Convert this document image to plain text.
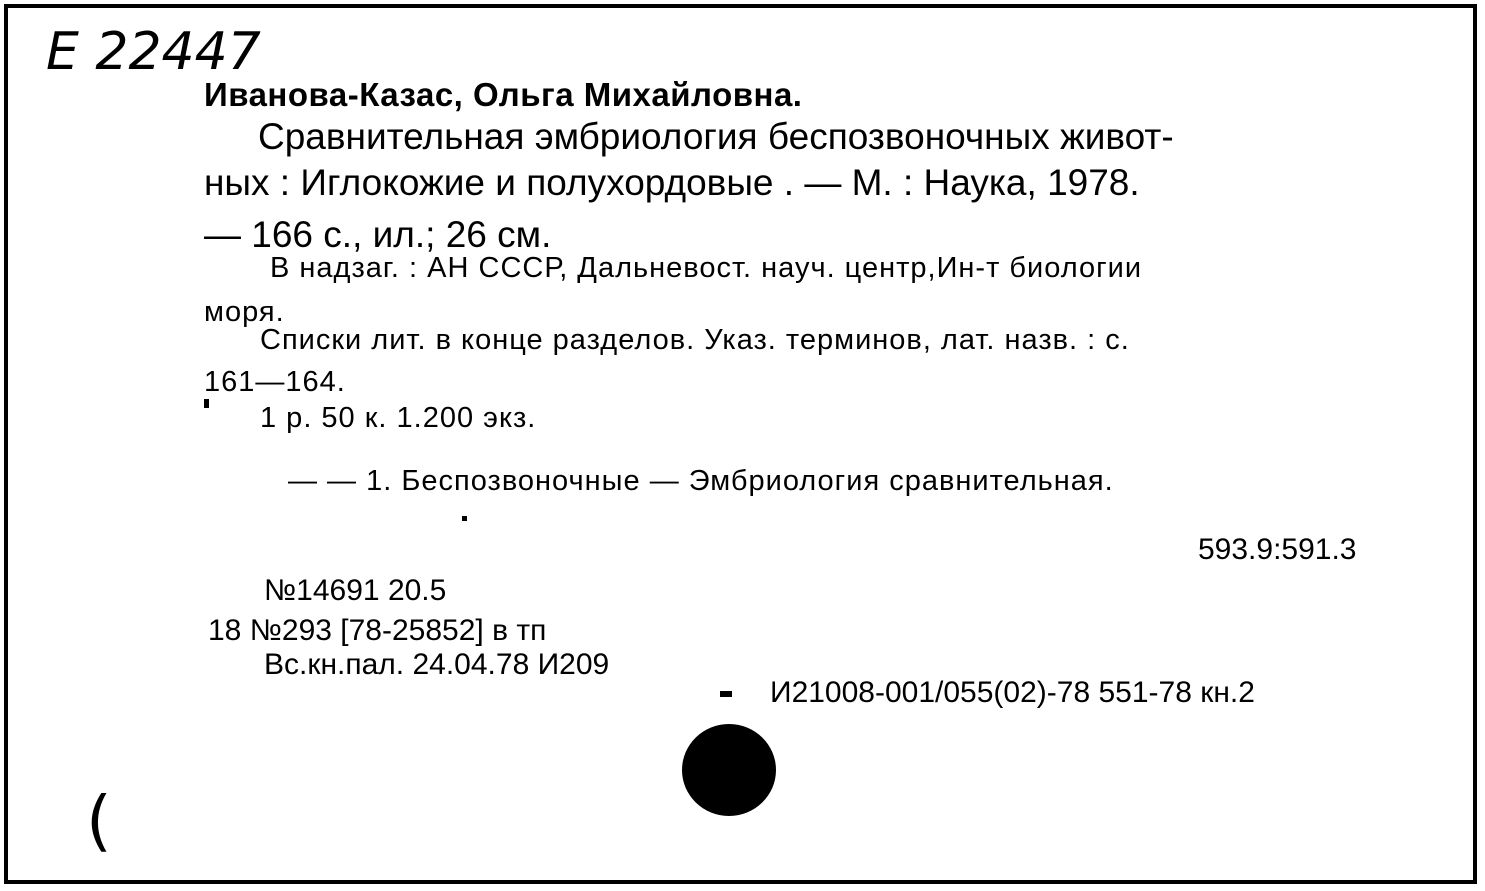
E 22447
Иванова-Казас, Ольга Михайловна.
Сравнительная эмбриология беспозвоночных живот-
ных : Иглокожие и полухордовые . — М. : Наука, 1978.
— 166 с., ил.; 26 см.
В надзаг. : АН СССР, Дальневост. науч. центр,Ин-т биологии
моря.
Списки лит. в конце разделов. Указ. терминов, лат. назв. : с.
161—164.
1 р. 50 к. 1.200 экз.
— — 1. Беспозвоночные — Эмбриология сравнительная.
593.9:591.3
№14691 20.5
18 №293 [78-25852] в тп
Вс.кн.пал. 24.04.78 И209
И21008-001/055(02)-78 551-78 кн.2
(
